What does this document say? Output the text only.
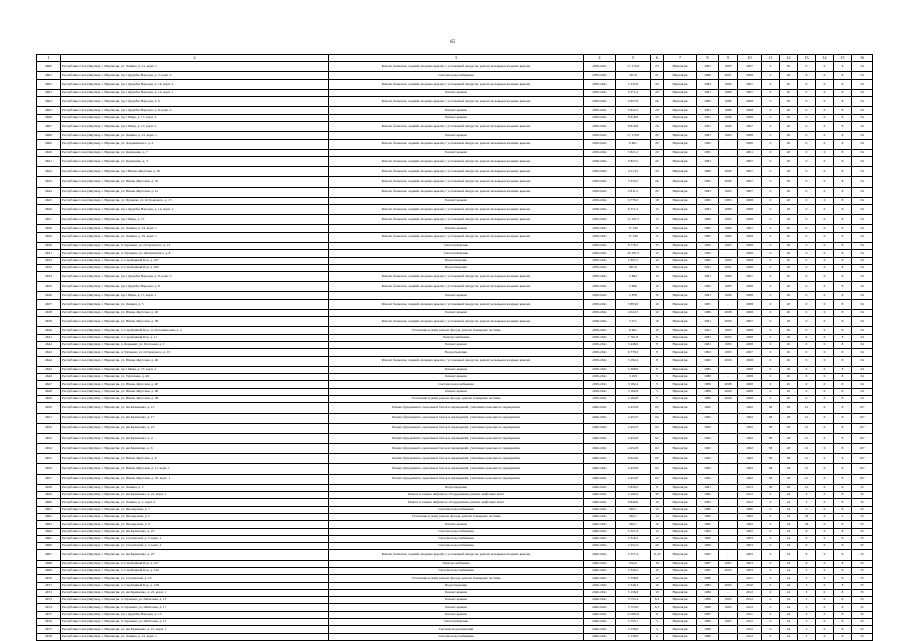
65
1	2	3	4	5	6	7	8	9	10	11	12	13	14	15	16
4600	Республика Саха (Якутия), г. Нерюнгри, ул. Ленина, д. 21, корп. 1	Ремонт балконов, лоджий, входных крылец с установкой пандусов, ремонт козырьков входных крылец	2039-2041	17 174,8	23	Нерюнгри	1981	1985	2007	0	20	0	0	8	34
4601	Республика Саха (Якутия), г. Нерюнгри, пр-т Дружбы Народов, д. 5, корп. 2	Система водоснабжения	2039-2041	567,9	21	Нерюнгри	1986	2001	2008	0	26	6	0	8	34
4602	Республика Саха (Якутия), г. Нерюнгри, пр-т Дружбы Народов, д. 16, корп. 2	Ремонт балконов, лоджий, входных крылец с установкой пандусов, ремонт козырьков входных крылец	2039-2041	5 335,9	20	Нерюнгри	1983	1985	2007	0	20	0	0	8	34
4603	Республика Саха (Якутия), г. Нерюнгри, пр-т Дружбы Народов, д. 12, корп. 1	Ремонт крыши	2039-2041	6 371,4	20	Нерюнгри	1981	1986	2007	0	20	0	0	8	34
4604	Республика Саха (Якутия), г. Нерюнгри, пр-т Дружбы Народов, д. 6	Ремонт балконов, лоджий, входных крылец с установкой пандусов, ремонт козырьков входных крылец	2039-2041	2 857,8	20	Нерюнгри	1982	1986	2008	0	20	0	0	8	34
4605	Республика Саха (Якутия), г. Нерюнгри, пр-т Дружбы Народов, д. 8, корп. 2	Ремонт крыши	2039-2041	5 845,5	20	Нерюнгри	1981	1986	2008	0	20	0	0	8	34
4606	Республика Саха (Якутия), г. Нерюнгри, пр-т Мира, д. 17, корп. 2	Ремонт крыши	2039-2041	8 818,8	20	Нерюнгри	1991	1996	2008	0	20	0	0	8	34
4607	Республика Саха (Якутия), г. Нерюнгри, пр-т Мира, д. 17, корп. 5	Ремонт балконов, лоджий, входных крылец с установкой пандусов, ремонт козырьков входных крылец	2039-2041	8 816,8	20	Нерюнгри	1991	1996	2007	0	20	0	0	8	34
4608	Республика Саха (Якутия), г. Нерюнгри, ул. Ленина, д. 21, корп. 1	Ремонт крыши	2039-2041	17 174,8	20	Нерюнгри	1981	1985	2008	0	20	0	0	8	34
4609	Республика Саха (Якутия), г. Нерюнгри, ул. Дзержинского, д. 2	Ремонт балконов, лоджий, входных крылец с установкой пандусов, ремонт козырьков входных крылец	2039-2041	6 901	20	Нерюнгри	1992	-	2006	0	20	0	0	8	34
4620	Республика Саха (Якутия), г. Нерюнгри, ул. Кравченко, д. 7	Ремонт крыши	2039-2041	5 821,2	20	Нерюнгри	1981	-	2001	0	20	0	0	8	34
4621	Республика Саха (Якутия), г. Нерюнгри, ул. Кравченко, д. 3	Ремонт балконов, лоджий, входных крылец с установкой пандусов, ремонт козырьков входных крылец	2039-2041	5 825,5	20	Нерюнгри	1981	-	2007	0	20	0	0	8	34
4622	Республика Саха (Якутия), г. Нерюнгри, пр-т Южно-Якутская, д. 20	Ремонт балконов, лоджий, входных крылец с установкой пандусов, ремонт козырьков входных крылец	2039-2041	4 513,3	20	Нерюнгри	1990	2006	2007	0	20	0	0	8	34
4623	Республика Саха (Якутия), г. Нерюнгри, ул. Южно-Якутская, д. 32	Ремонт балконов, лоджий, входных крылец с установкой пандусов, ремонт козырьков входных крылец	2039-2041	3 335,5	20	Нерюнгри	1993	2006	2007	0	20	0	0	8	34
4624	Республика Саха (Якутия), г. Нерюнгри, ул. Южно-Якутская, д. 41	Ремонт балконов, лоджий, входных крылец с установкой пандусов, ремонт козырьков входных крылец	2039-2041	2 811,5	20	Нерюнгри	1993	1993	2007	0	20	0	0	8	34
4625	Республика Саха (Якутия), г. Нерюнгри, ул. Чульман, ул. Островского, д. 15	Ремонт крыши	2039-2041	6 778,3	18	Нерюнгри	1982	1983	2008	0	20	0	0	8	34
4626	Республика Саха (Якутия), г. Нерюнгри, пр-т Дружбы Народов, д. 12, корп. 1	Ремонт балконов, лоджий, входных крылец с установкой пандусов, ремонт козырьков входных крылец	2039-2041	6 371,4	15	Нерюнгри	1981	1986	2008	0	26	0	0	8	34
4627	Республика Саха (Якутия), г. Нерюнгри, пр-т Мира, д. 27	Ремонт балконов, лоджий, входных крылец с установкой пандусов, ремонт козырьков входных крылец	2039-2041	11 347,3	15	Нерюнгри	1990	1995	2008	0	20	0	0	8	34
4628	Республика Саха (Якутия), г. Нерюнгри, ул. Ленина, д. 23, корп. 1	Ремонт крыши	2039-2041	17 240	15	Нерюнгри	1982	1984	2007	0	20	0	0	8	34
4629	Республика Саха (Якутия), г. Нерюнгри, ул. Ленина, д. 25, корп. 1	Ремонт балконов, лоджий, входных крылец с установкой пандусов, ремонт козырьков входных крылец	2039-2041	17 240	15	Нерюнгри	1982	1984	2008	0	20	0	0	8	34
4630	Республика Саха (Якутия), г. Нерюнгри, п. Чульман, ул. Островского, д. 15	Теплоснабжение	2039-2041	6 778,3	15	Нерюнгри	1993	1993	2008	0	26	0	0	8	34
4631	Республика Саха (Якутия), г. Нерюнгри, п. Чульман, ул. Циолковского, д. 8	Теплоснабжение	2039-2041	16 187,3	15	Нерюнгри	1993	-	2008	0	20	0	0	8	34
4632	Республика Саха (Якутия), г. Нерюнгри, п. Серебряный Бор, д. 107	Водоотведение	2039-2041	1 867,2	10	Нерюнгри	1982	1983	2008	0	20	0	0	8	34
4633	Республика Саха (Якутия), г. Нерюнгри, п. Серебряный Бор, д. 209	Водоотведение	2039-2041	867,9	10	Нерюнгри	1991	1991	2008	0	20	0	0	8	34
4634	Республика Саха (Якутия), г. Нерюнгри, пр-т Дружбы Народов, д. 8, корп. 2	Ремонт балконов, лоджий, входных крылец с установкой пандусов, ремонт козырьков входных крылец	2039-2041	5 894	10	Нерюнгри	1981	1986	2007	0	20	0	0	8	34
4635	Республика Саха (Якутия), г. Нерюнгри, пр-т Дружбы Народов, д. 8	Ремонт балконов, лоджий, входных крылец с установкой пандусов, ремонт козырьков входных крылец	2039-2041	2 846	10	Нерюнгри	1982	1985	2008	0	20	0	0	8	34
4636	Республика Саха (Якутия), г. Нерюнгри, пр-т Мира, д. 17, корп. 1	Ремонт крыши	2039-2041	2 878	10	Нерюнгри	1991	1996	2008	0	20	0	0	8	34
4637	Республика Саха (Якутия), г. Нерюнгри, ул. Ленина, д. 3	Ремонт балконов, лоджий, входных крылец с установкой пандусов, ремонт козырьков входных крылец	2039-2041	3 893,6	10	Нерюнгри	1981	-	2008	0	20	0	0	8	34
4638	Республика Саха (Якутия), г. Нерюнгри, ул. Южно-Якутская, д. 26	Ремонт крыши	2039-2041	4 522,3	10	Нерюнгри	1989	2008	2008	0	20	0	0	8	34
4639	Республика Саха (Якутия), г. Нерюнгри, ул. Южно-Якутская, д. 38	Ремонт балконов, лоджий, входных крылец с установкой пандусов, ремонт козырьков входных крылец	2039-2041	3 271	10	Нерюнгри	1991	2006	2007	0	26	0	0	8	34
4640	Республика Саха (Якутия), г. Нерюнгри, п. Серебряный Бор, ул. Ботаническая, д. 2	Утепление и (или) ремонт фасада, ремонт пожарных лестниц	2039-2041	6 661	10	Нерюнгри	1991	1993	2008	0	20	0	0	8	34
4641	Республика Саха (Якутия), г. Нерюнгри, п. Серебряный Бор, д. 11	Электроснабжение	2039-2041	1 761,8	8	Нерюнгри	1981	2003	2008	0	20	6	0	8	34
4642	Республика Саха (Якутия), г. Нерюнгри, п. Беркакит, ул. Почтовая, д. 5	Ремонт крыши	2039-2041	3 448,9	8	Нерюнгри	1981	1983	2008	0	20	0	0	8	34
4643	Республика Саха (Якутия), г. Нерюнгри, п. Чульман, ул. Островского, д. 15	Водоотведение	2039-2041	6 778,3	8	Нерюнгри	1993	1993	2007	0	20	0	0	8	34
4644	Республика Саха (Якутия), г. Нерюнгри, ул. Южно-Якутская, д. 40	Ремонт балконов, лоджий, входных крылец с установкой пандусов, ремонт козырьков входных крылец	2039-2041	3 182,4	8	Нерюнгри	1990	2006	2008	0	20	0	0	8	34
4645	Республика Саха (Якутия), г. Нерюнгри, пр-т Мира, д. 27, корп. 2	Ремонт крыши	2039-2041	5 368,8	8	Нерюнгри	1985	-	2008	0	20	0	0	8	34
4646	Республика Саха (Якутия), г. Нерюнгри, ул. Тургенева, д. 49	Ремонт крыши	2039-2041	3 459	5	Нерюнгри	1988	-	2008	0	20	6	0	8	34
4647	Республика Саха (Якутия), г. Нерюнгри, ул. Южно-Якутская, д. 40	Система водоснабжения	2039-2041	3 182,4	5	Нерюнгри	1989	2008	2008	0	20	0	0	8	34
4648	Республика Саха (Якутия), г. Нерюнгри, ул. Южно-Якутская, д. 48	Ремонт крыши	2039-2041	3 182,8	5	Нерюнгри	1989	2006	2008	0	20	0	0	8	34
4649	Республика Саха (Якутия), г. Нерюнгри, ул. Южно-Якутская, д. 48	Утепление и (или) ремонт фасада, ремонт пожарных лестниц	2039-2041	3 182,8	5	Нерюнгри	1989	2006	2008	0	20	0	0	8	34
4650	Республика Саха (Якутия), г. Нерюнгри, ул. им Кравченко, д. 15	Ремонт фундамента, цокольных балок и перекрытий, утепление цокольного перекрытия	2040-2041	4 452,8	62	Нерюнгри	1962	-	1962	58	28	21	0	8	107
4651	Республика Саха (Якутия), г. Нерюнгри, ул. им Кравченко, д. 17	Ремонт фундамента, цокольных балок и перекрытий, утепление цокольного перекрытия	2040-2041	4 452,5	62	Нерюнгри	1962	-	1962	58	28	21	0	8	107
4652	Республика Саха (Якутия), г. Нерюнгри, ул. им Кравченко, д. 19	Ремонт фундамента, цокольных балок и перекрытий, утепление цокольного перекрытия	2040-2041	4 452,5	62	Нерюнгри	1962	-	1962	58	28	21	0	8	107
4653	Республика Саха (Якутия), г. Нерюнгри, ул. им Кравченко, д. 4	Ремонт фундамента, цокольных балок и перекрытий, утепление цокольного перекрытия	2040-2041	4 452,8	62	Нерюнгри	1962	-	1962	58	28	21	0	8	107
4654	Республика Саха (Якутия), г. Нерюнгри, ул. им Кравченко, д. 6	Ремонт фундамента, цокольных балок и перекрытий, утепление цокольного перекрытия	2040-2041	4 452,8	62	Нерюнгри	1962	-	1962	58	28	21	0	8	107
4655	Республика Саха (Якутия), г. Нерюнгри, ул. Южно-Якутская, д. 8	Ремонт фундамента, цокольных балок и перекрытий, утепление цокольного перекрытия	2040-2041	6 624,8	62	Нерюнгри	1962	-	1962	58	28	21	0	8	107
4656	Республика Саха (Якутия), г. Нерюнгри, ул. Южно-Якутская, д. 11, корп. 1	Ремонт фундамента, цокольных балок и перекрытий, утепление цокольного перекрытия	2040-2041	4 452,8	62	Нерюнгри	1962	-	1962	58	28	21	0	8	107
4657	Республика Саха (Якутия), г. Нерюнгри, ул. Южно-Якутская, д. 10, корп. 1	Ремонт фундамента, цокольных балок и перекрытий, утепление цокольного перекрытия	2040-2041	4 452,8	62	Нерюнгри	1962	-	1962	58	28	21	0	8	107
4658	Республика Саха (Якутия), г. Нерюнгри, ул. Ленина, д. 3	Водоотведение	2040-2041	5 836,5	9	Нерюнгри	1981	-	2013	58	28	21	0	8	35
4659	Республика Саха (Якутия), г. Нерюнгри, ул. им Кравченко, д. 21, корп. 1	Ремонт и замена лифтового оборудования, ремонт лифтовых шахт	2040-2041	3 190,4	30	Нерюнгри	1982	-	2012	0	24	3	0	8	35
4660	Республика Саха (Якутия), г. Нерюнгри, ул. Ленина, д. 1, корп. 2	Ремонт и замена лифтового оборудования, ремонт лифтовых шахт	2040-2041	6 840,6	10	Нерюнгри	1983	-	2012	0	24	3	0	8	35
4661	Республика Саха (Якутия), г. Нерюнгри, ул. Пионерская, д. 7	Система водоснабжения	2040-2041	965,7	10	Нерюнгри	1980	-	1980	0	24	0	0	8	35
4662	Республика Саха (Якутия), г. Нерюнгри, ул. Пионерская, д. 5	Утепление и (или) ремонт фасада, ремонт пожарных лестниц	2040-2041	962,7	14	Нерюнгри	1960	-	1992	0	16	18	0	2	35
4663	Республика Саха (Якутия), г. Нерюнгри, ул. Пионерская, д. 3	Ремонт крыши	2040-2041	962,7	10	Нерюнгри	1960	-	1992	0	16	18	0	8	35
4664	Республика Саха (Якутия), г. Нерюнгри, ул. им Кравченко, д. 23	Система водоснабжения	2040-2041	5 327,4	12	Нерюнгри	1993	-	2002	0	24	9	0	8	35
4665	Республика Саха (Якутия), г. Нерюнгри, ул. Строителей, д. 5, корп. 1	Система водоснабжения	2040-2041	2 316,5	12	Нерюнгри	1990	-	2003	0	24	9	0	8	35
4666	Республика Саха (Якутия), г. Нерюнгри, ул. Строителей, д. 3, корп. 2	Система водоснабжения	2040-2041	2 252,2	20	Нерюнгри	1990	-	2003	0	16	9	0	8	35
4667	Республика Саха (Якутия), г. Нерюнгри, ул. им Кравченко, д. 25	Ремонт балконов, лоджий, входных крылец с установкой пандусов, ремонт козырьков входных крылец	2040-2041	5 357,4	11,25	Нерюнгри	1993	-	2002	0	16	9	0	8	35
4668	Республика Саха (Якутия), г. Нерюнгри, п. Серебряный Бор, д. 227	Электроснабжение	2040-2041	932,6	18	Нерюнгри	1987	1987	2003	0	16	9	0	8	35
4669	Республика Саха (Якутия), г. Нерюнгри, п. Серебряный Бор, д. 319	Система водоснабжения	2040-2041	2 349,5	10	Нерюнгри	1985	2005	2003	0	24	3	0	8	35
4670	Республика Саха (Якутия), г. Нерюнгри, ул. Строителей, д. 19	Утепление и (или) ремонт фасада, ремонт пожарных лестниц	2040-2041	3 158,8	12	Нерюнгри	1986	-	2011	0	24	3	0	8	35
4671	Республика Саха (Якутия), г. Нерюнгри, п. Серебряный Бор, д. 128	Водоотведение	2040-2041	2 349,3	10	Нерюнгри	1985	2005	2010	0	24	3	0	8	35
4672	Республика Саха (Якутия), г. Нерюнгри, ул. им Кравченко, д. 21, корп. 1	Ремонт крыши	2040-2041	3 136,8	10	Нерюнгри	1986	-	2012	0	24	3	0	8	35
4673	Республика Саха (Якутия), г. Нерюнгри, п. Чульман, ул. Шахтовая, д. 13	Ремонт крыши	2040-2041	5 755,4	6,3	Нерюнгри	1989	1993	2012	0	24	3	0	8	35
4674	Республика Саха (Якутия), г. Нерюнгри, п. Чульман, ул. Шахтовая, д. 17	Ремонт крыши	2040-2041	5 755,6	6,3	Нерюнгри	1989	1993	2012	0	24	3	0	8	35
4675	Республика Саха (Якутия), г. Нерюнгри, пр-т Дружбы Народов, д. 13	Ремонт крыши	2040-2041	11 665,8	6	Нерюнгри	1987	-	2011	0	24	3	0	8	35
4676	Республика Саха (Якутия), г. Нерюнгри, п. Чульман, ул. Шахтовая, д. 15	Теплоснабжение	2040-2041	5 755,1	5	Нерюнгри	1989	1993	2012	0	24	3	0	8	35
4677	Республика Саха (Якутия), г. Нерюнгри, ул. им Кравченко, д. 21, корп. 1	Система водоотведения	2040-2041	3 136,8	5	Нерюнгри	1986	-	2012	0	24	3	0	8	35
4678	Республика Саха (Якутия), г. Нерюнгри, ул. Ленина, д. 21, корп. 1	Система водоснабжения	2040-2041	3 136,8	2	Нерюнгри	1986	-	2012	0	24	3	0	8	35
